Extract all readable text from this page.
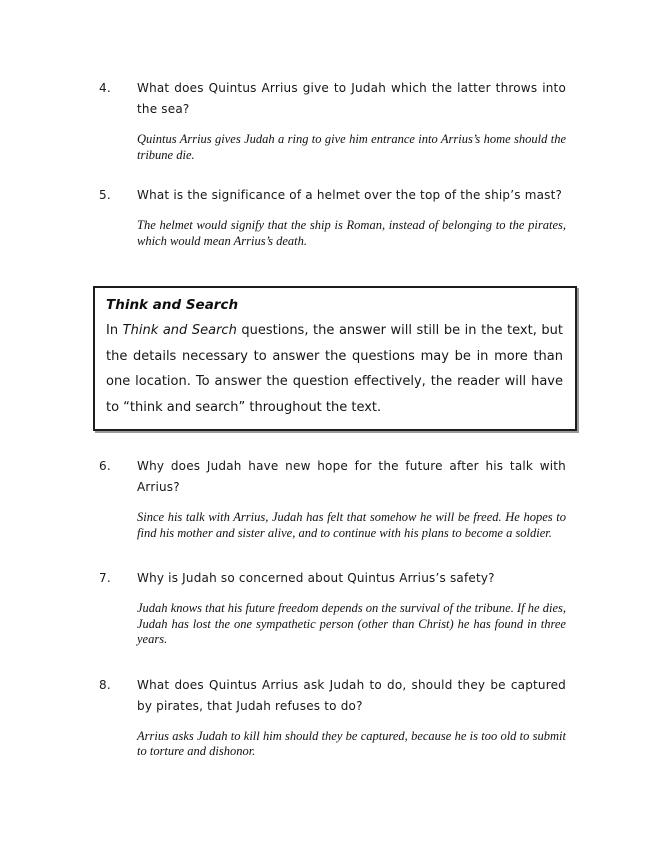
4.	What does Quintus Arrius give to Judah which the latter throws into the sea?

Quintus Arrius gives Judah a ring to give him entrance into Arrius’s home should the tribune die.

5.	What is the significance of a helmet over the top of the ship’s mast?

The helmet would signify that the ship is Roman, instead of belonging to the pirates, which would mean Arrius’s death.

Think and Search

In Think and Search questions, the answer will still be in the text, but the details necessary to answer the questions may be in more than one location. To answer the question effectively, the reader will have to “think and search” throughout the text.

6.	Why does Judah have new hope for the future after his talk with Arrius?

Since his talk with Arrius, Judah has felt that somehow he will be freed. He hopes to find his mother and sister alive, and to continue with his plans to become a soldier.

7.	Why is Judah so concerned about Quintus Arrius’s safety?

Judah knows that his future freedom depends on the survival of the tribune. If he dies, Judah has lost the one sympathetic person (other than Christ) he has found in three years.

8.	What does Quintus Arrius ask Judah to do, should they be captured by pirates, that Judah refuses to do?

Arrius asks Judah to kill him should they be captured, because he is too old to submit to torture and dishonor.
